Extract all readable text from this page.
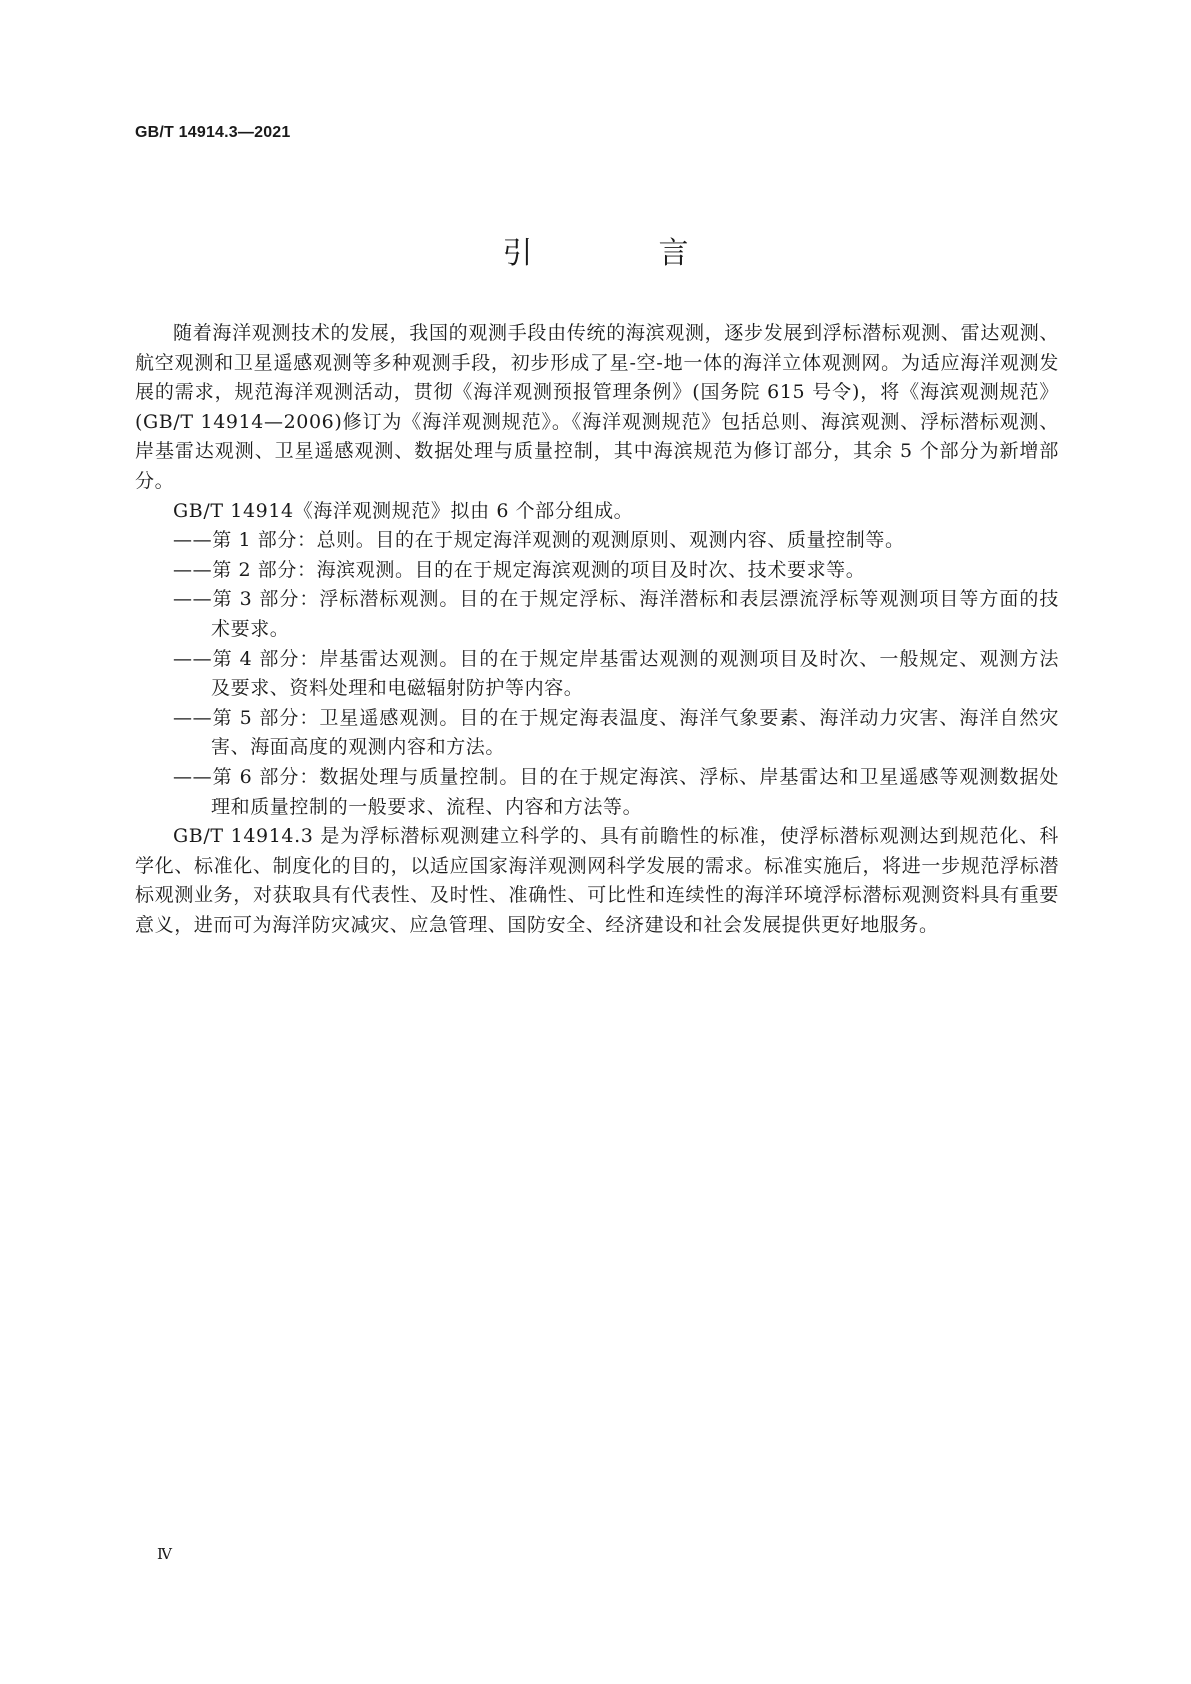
GB/T 14914.3—2021
引　言

随着海洋观测技术的发展，我国的观测手段由传统的海滨观测，逐步发展到浮标潜标观测、雷达观测、航空观测和卫星遥感观测等多种观测手段，初步形成了星-空-地一体的海洋立体观测网。为适应海洋观测发展的需求，规范海洋观测活动，贯彻《海洋观测预报管理条例》(国务院 615 号令)，将《海滨观测规范》(GB/T 14914—2006)修订为《海洋观测规范》。《海洋观测规范》包括总则、海滨观测、浮标潜标观测、岸基雷达观测、卫星遥感观测、数据处理与质量控制，其中海滨规范为修订部分，其余 5 个部分为新增部分。

GB/T 14914《海洋观测规范》拟由 6 个部分组成。

——第 1 部分：总则。目的在于规定海洋观测的观测原则、观测内容、质量控制等。

——第 2 部分：海滨观测。目的在于规定海滨观测的项目及时次、技术要求等。

——第 3 部分：浮标潜标观测。目的在于规定浮标、海洋潜标和表层漂流浮标等观测项目等方面的技术要求。

——第 4 部分：岸基雷达观测。目的在于规定岸基雷达观测的观测项目及时次、一般规定、观测方法及要求、资料处理和电磁辐射防护等内容。

——第 5 部分：卫星遥感观测。目的在于规定海表温度、海洋气象要素、海洋动力灾害、海洋自然灾害、海面高度的观测内容和方法。

——第 6 部分：数据处理与质量控制。目的在于规定海滨、浮标、岸基雷达和卫星遥感等观测数据处理和质量控制的一般要求、流程、内容和方法等。

GB/T 14914.3 是为浮标潜标观测建立科学的、具有前瞻性的标准，使浮标潜标观测达到规范化、科学化、标准化、制度化的目的，以适应国家海洋观测网科学发展的需求。标准实施后，将进一步规范浮标潜标观测业务，对获取具有代表性、及时性、准确性、可比性和连续性的海洋环境浮标潜标观测资料具有重要意义，进而可为海洋防灾减灾、应急管理、国防安全、经济建设和社会发展提供更好地服务。

Ⅳ
